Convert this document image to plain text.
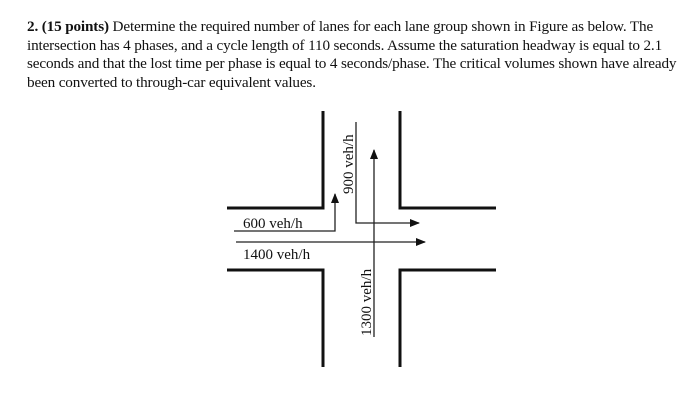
2. (15 points) Determine the required number of lanes for each lane group shown in Figure as below. The intersection has 4 phases, and a cycle length of 110 seconds. Assume the saturation headway is equal to 2.1 seconds and that the lost time per phase is equal to 4 seconds/phase. The critical volumes shown have already been converted to through-car equivalent values.
600 veh/h
1400 veh/h
900 veh/h
1300 veh/h
